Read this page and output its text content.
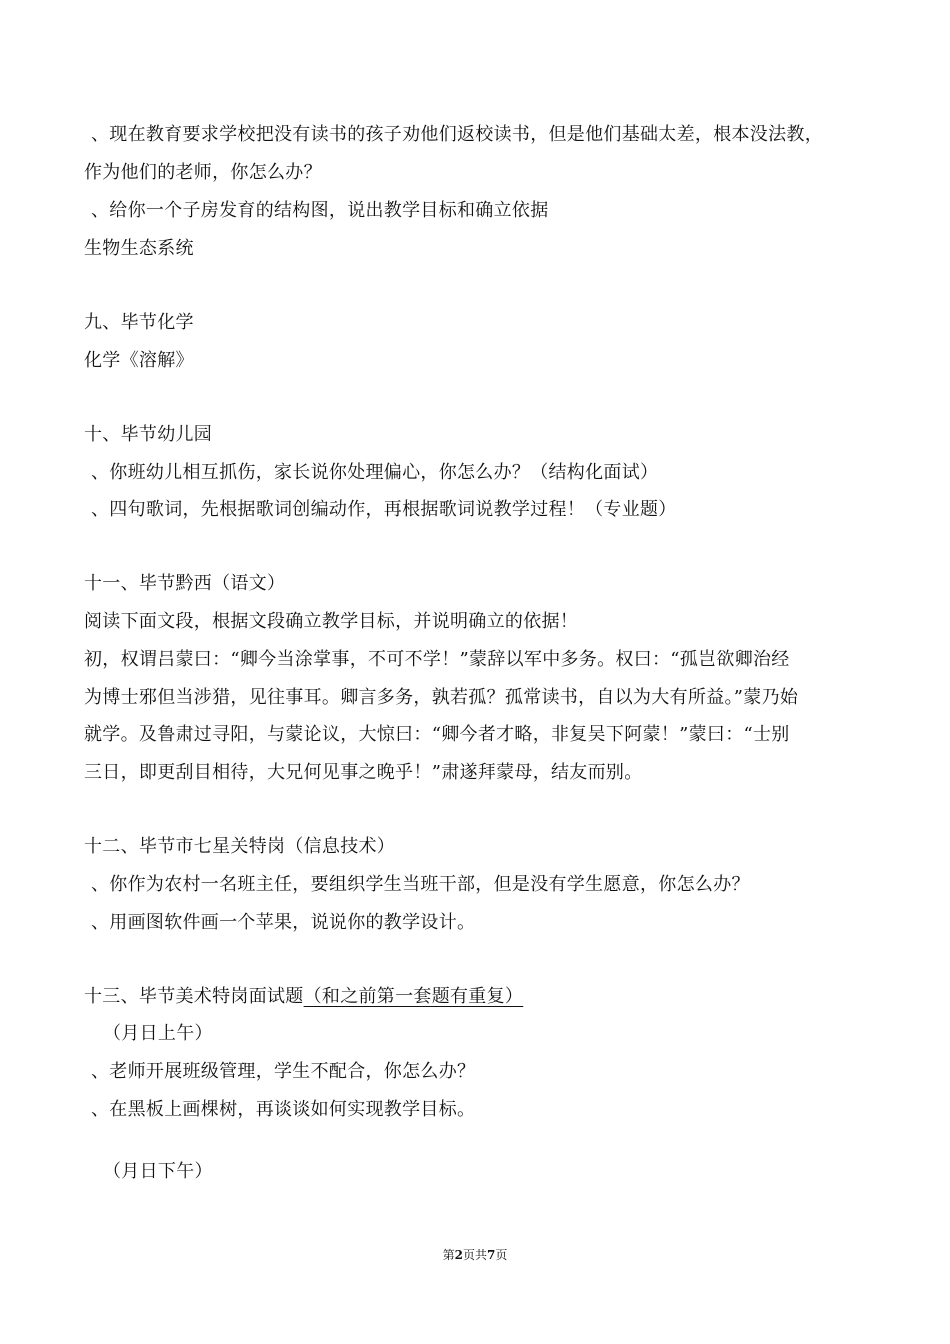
、现在教育要求学校把没有读书的孩子劝他们返校读书，但是他们基础太差，根本没法教，
作为他们的老师，你怎么办？
、给你一个子房发育的结构图，说出教学目标和确立依据
生物生态系统
九、毕节化学
化学《溶解》
十、毕节幼儿园
、你班幼儿相互抓伤，家长说你处理偏心，你怎么办？（结构化面试）
、四句歌词，先根据歌词创编动作，再根据歌词说教学过程！（专业题）
十一、毕节黔西（语文）
阅读下面文段，根据文段确立教学目标，并说明确立的依据！
初，权谓吕蒙曰：“卿今当涂掌事，不可不学！”蒙辞以军中多务。权曰：“孤岂欲卿治经
为博士邪但当涉猎，见往事耳。卿言多务，孰若孤？孤常读书，自以为大有所益。”蒙乃始
就学。及鲁肃过寻阳，与蒙论议，大惊曰：“卿今者才略，非复吴下阿蒙！”蒙曰：“士别
三日，即更刮目相待，大兄何见事之晚乎！”肃遂拜蒙母，结友而别。
十二、毕节市七星关特岗（信息技术）
、你作为农村一名班主任，要组织学生当班干部，但是没有学生愿意，你怎么办？
、用画图软件画一个苹果，说说你的教学设计。
十三、毕节美术特岗面试题（和之前第一套题有重复）
（月日上午）
、老师开展班级管理，学生不配合，你怎么办？
、在黑板上画棵树，再谈谈如何实现教学目标。
（月日下午）
第2页共7页
